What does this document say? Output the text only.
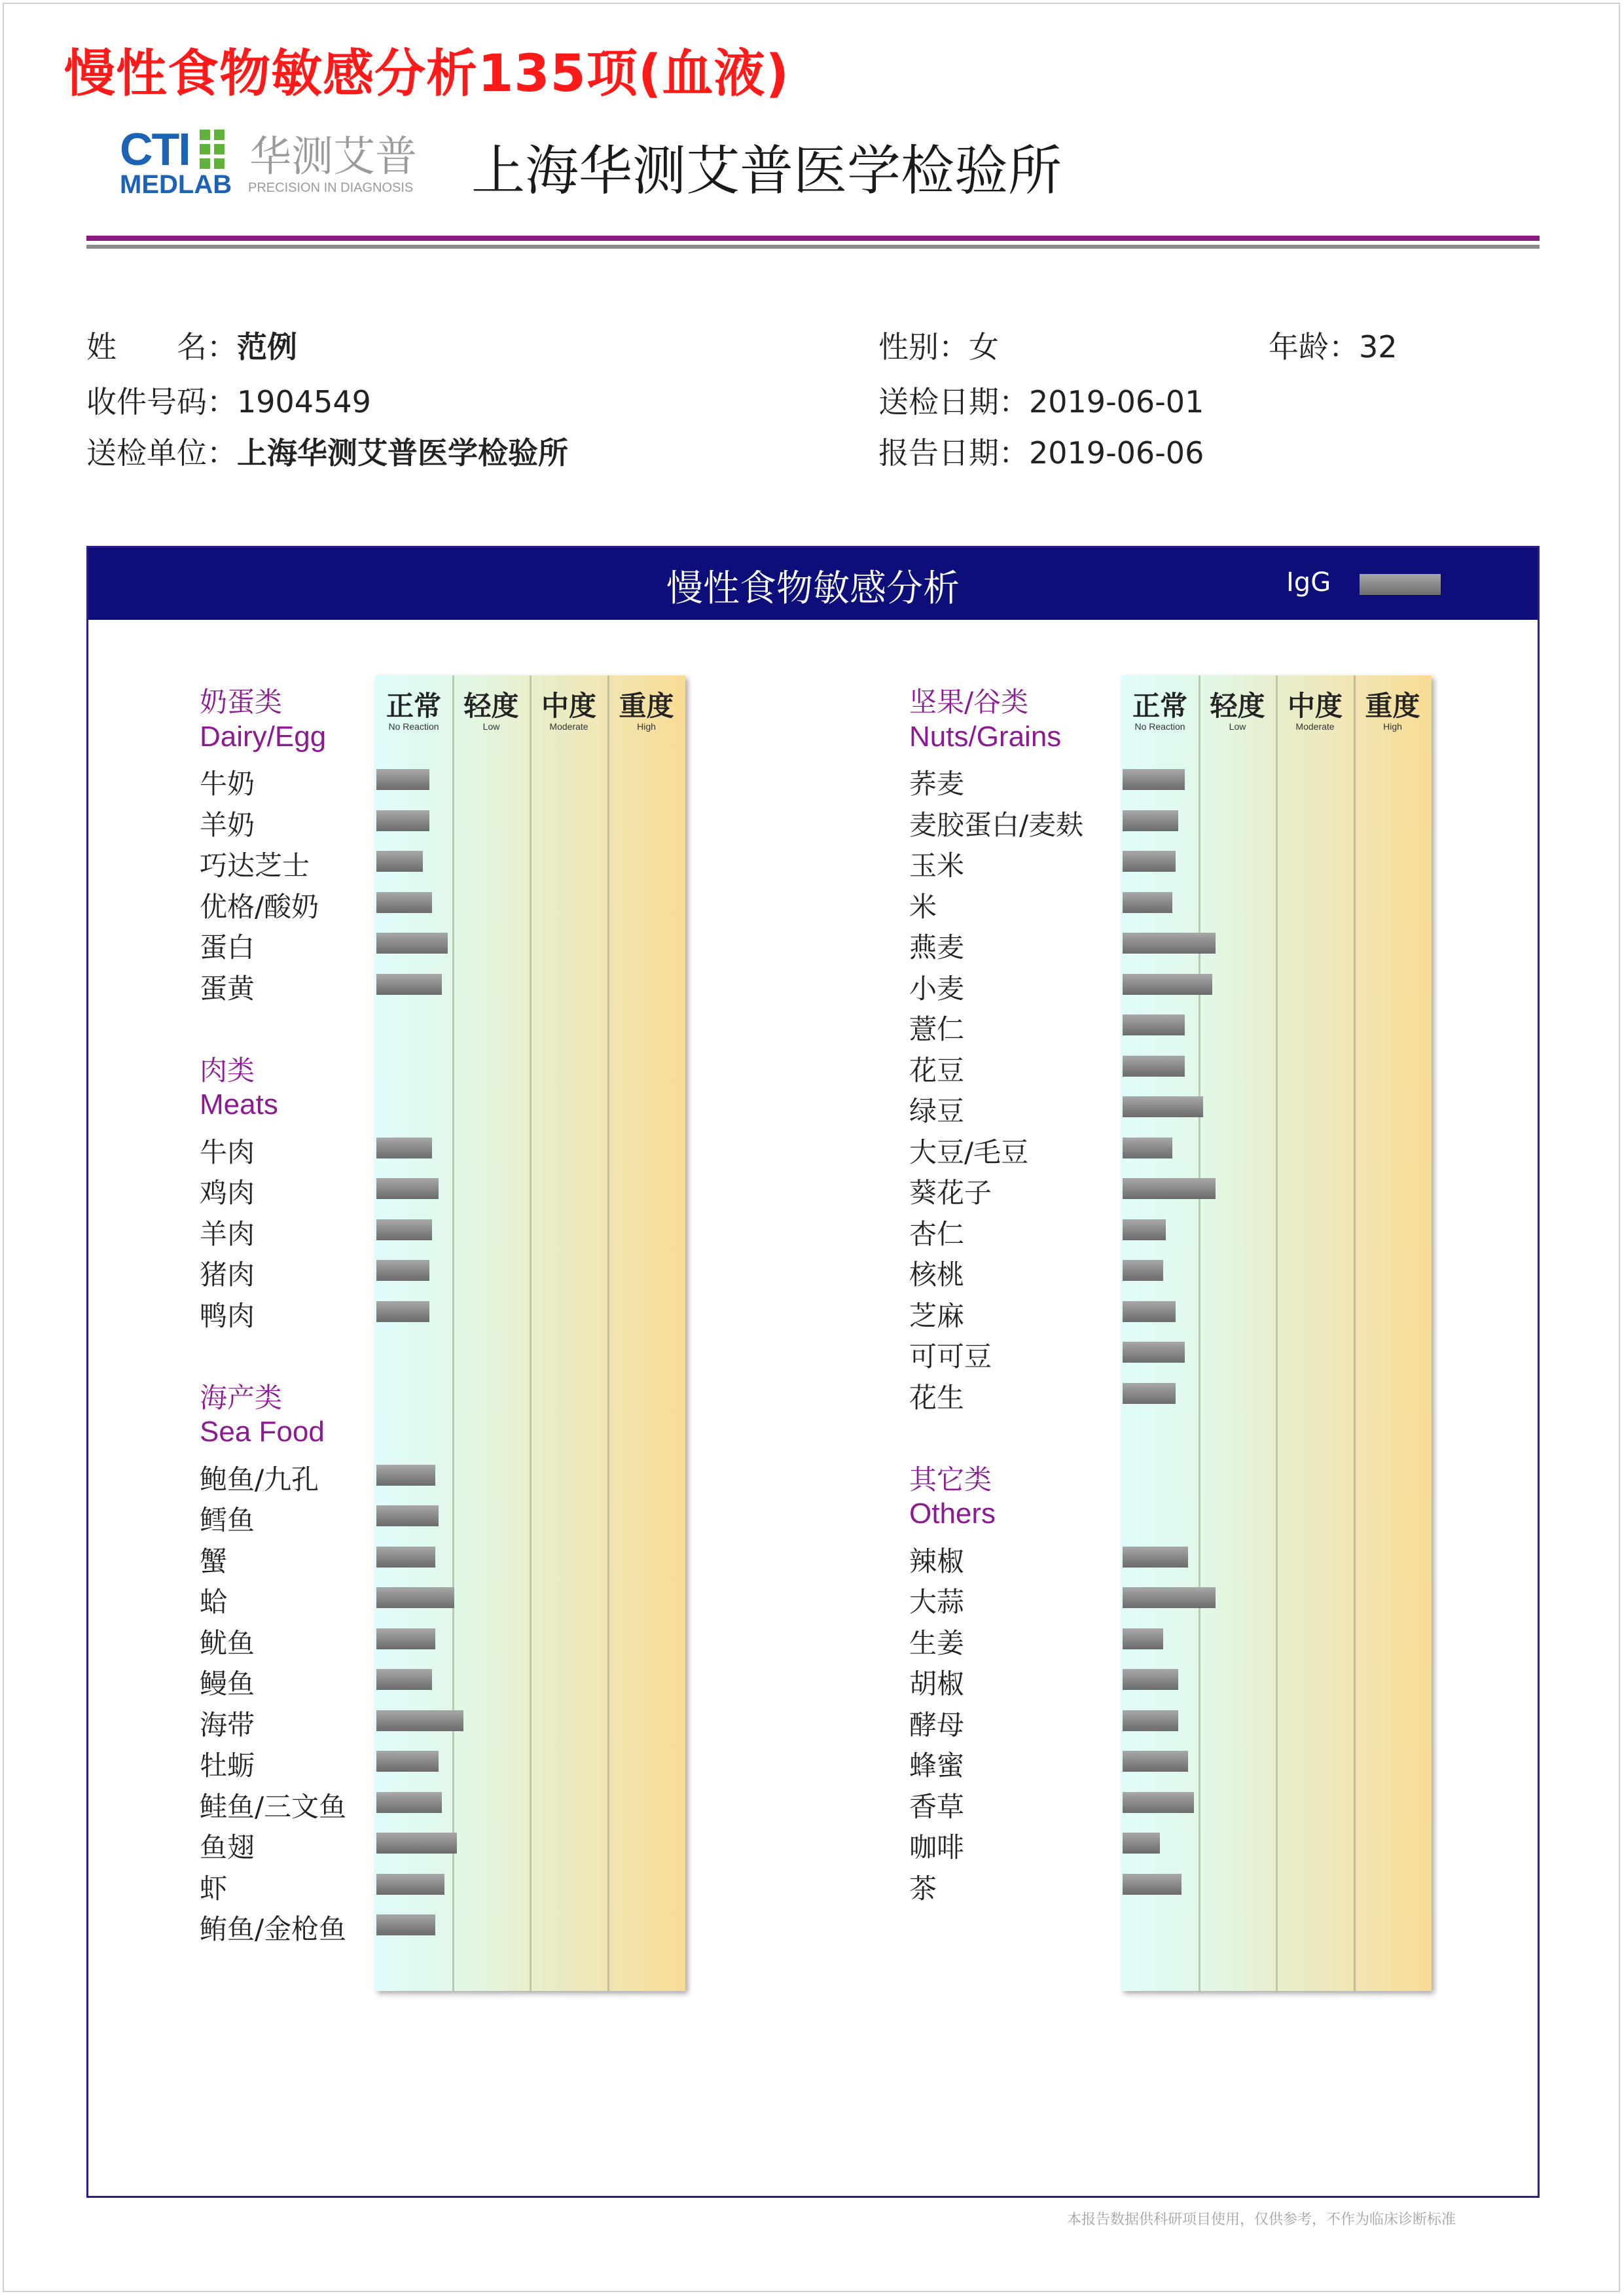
慢性食物敏感分析135项(血液)
CTI 华测艾普
MEDLAB PRECISION IN DIAGNOSIS 上海华测艾普医学检验所
姓　　名：范例	性别：女	年龄：32
收件号码：1904549	送检日期：2019-06-01
送检单位：上海华测艾普医学检验所	报告日期：2019-06-06
慢性食物敏感分析	IgG
正常
No Reaction
轻度
Low
中度
Moderate
重度
High
奶蛋类
Dairy/Egg
牛奶
羊奶
巧达芝士
优格/酸奶
蛋白
蛋黄
肉类
Meats
牛肉
鸡肉
羊肉
猪肉
鸭肉
海产类
Sea Food
鲍鱼/九孔
鳕鱼
蟹
蛤
鱿鱼
鳗鱼
海带
牡蛎
鲑鱼/三文鱼
鱼翅
虾
鲔鱼/金枪鱼
正常
No Reaction
轻度
Low
中度
Moderate
重度
High
坚果/谷类
Nuts/Grains
荞麦
麦胶蛋白/麦麸
玉米
米
燕麦
小麦
薏仁
花豆
绿豆
大豆/毛豆
葵花子
杏仁
核桃
芝麻
可可豆
花生
其它类
Others
辣椒
大蒜
生姜
胡椒
酵母
蜂蜜
香草
咖啡
茶
本报告数据供科研项目使用，仅供参考，不作为临床诊断标准
